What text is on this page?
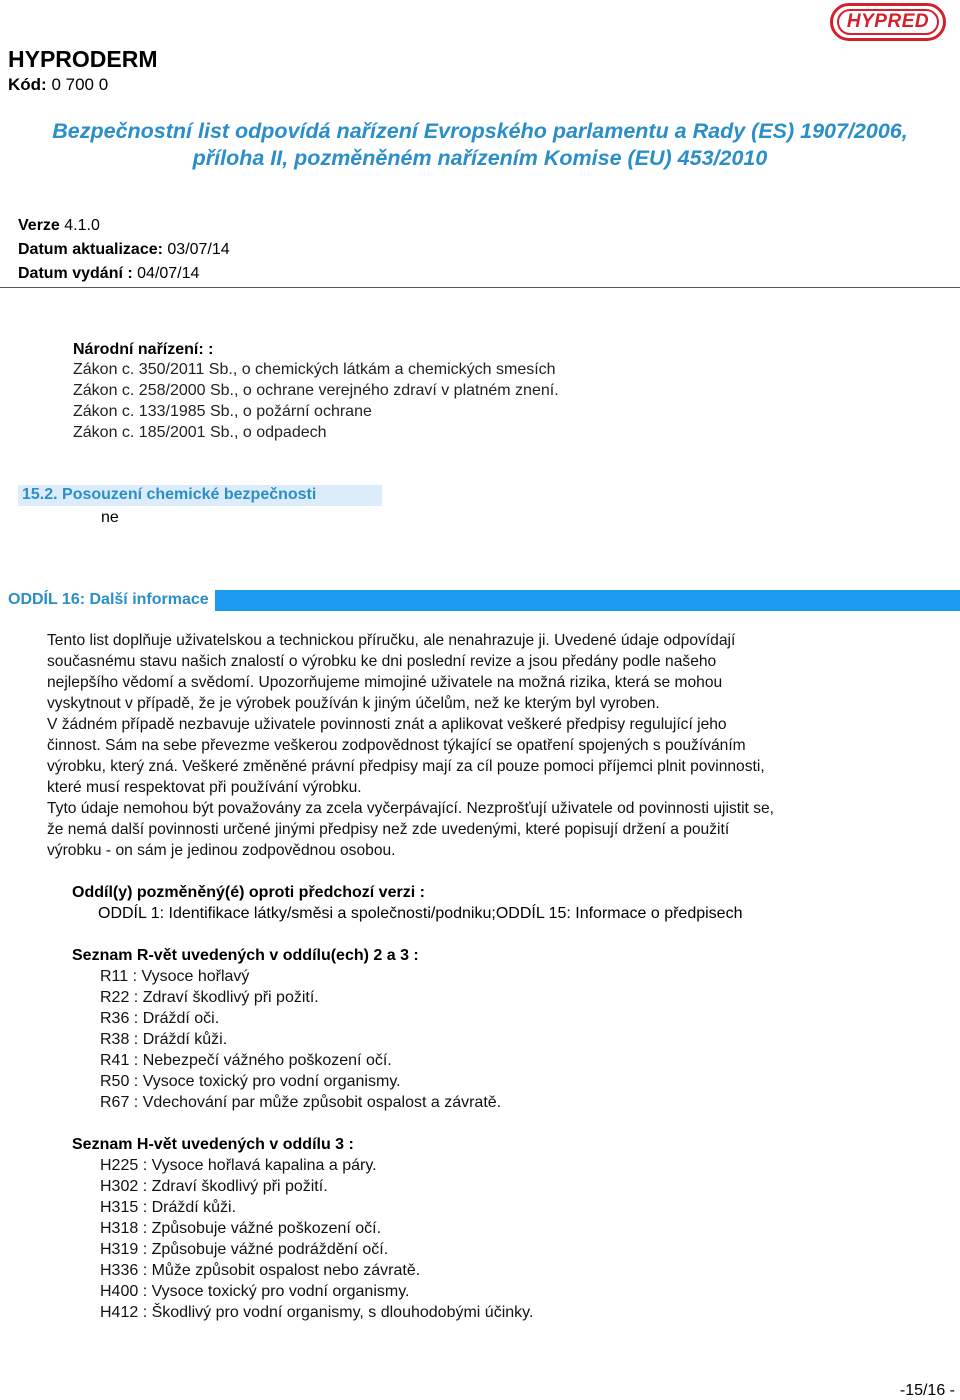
HYPRODERM
Kód: 0 700 0
HYPRED
Bezpečnostní list odpovídá nařízení Evropského parlamentu a Rady (ES) 1907/2006,
příloha II, pozměněném nařízením Komise (EU) 453/2010
Verze 4.1.0
Datum aktualizace: 03/07/14
Datum vydání : 04/07/14
Národní nařízení: :
Zákon c. 350/2011 Sb., o chemických látkám a chemických smesích
Zákon c. 258/2000 Sb., o ochrane verejného zdraví v platném znení.
Zákon c. 133/1985 Sb., o požární ochrane
Zákon c. 185/2001 Sb., o odpadech
15.2. Posouzení chemické bezpečnosti
ne
ODDÍL 16: Další informace
Tento list doplňuje uživatelskou a technickou příručku, ale nenahrazuje ji. Uvedené údaje odpovídají
současnému stavu našich znalostí o výrobku ke dni poslední revize a jsou předány podle našeho
nejlepšího vědomí a svědomí. Upozorňujeme mimojiné uživatele na možná rizika, která se mohou
vyskytnout v případě, že je výrobek používán k jiným účelům, než ke kterým byl vyroben.
V žádném případě nezbavuje uživatele povinnosti znát a aplikovat veškeré předpisy regulující jeho
činnost. Sám na sebe převezme veškerou zodpovědnost týkající se opatření spojených s používáním
výrobku, který zná. Veškeré změněné právní předpisy mají za cíl pouze pomoci příjemci plnit povinnosti,
které musí respektovat při používání výrobku.
Tyto údaje nemohou být považovány za zcela vyčerpávající. Nezprošťují uživatele od povinnosti ujistit se,
že nemá další povinnosti určené jinými předpisy než zde uvedenými, které popisují držení a použití
výrobku - on sám je jedinou zodpovědnou osobou.
Oddíl(y) pozměněný(é) oproti předchozí verzi :
ODDÍL 1: Identifikace látky/směsi a společnosti/podniku;ODDÍL 15: Informace o předpisech
Seznam R-vět uvedených v oddílu(ech) 2 a 3 :
R11 : Vysoce hořlavý
R22 : Zdraví škodlivý při požití.
R36 : Dráždí oči.
R38 : Dráždí kůži.
R41 : Nebezpečí vážného poškození očí.
R50 : Vysoce toxický pro vodní organismy.
R67 : Vdechování par může způsobit ospalost a závratě.
Seznam H-vět uvedených v oddílu 3 :
H225 : Vysoce hořlavá kapalina a páry.
H302 : Zdraví škodlivý při požití.
H315 : Dráždí kůži.
H318 : Způsobuje vážné poškození očí.
H319 : Způsobuje vážné podráždění očí.
H336 : Může způsobit ospalost nebo závratě.
H400 : Vysoce toxický pro vodní organismy.
H412 : Škodlivý pro vodní organismy, s dlouhodobými účinky.
-15/16 -
